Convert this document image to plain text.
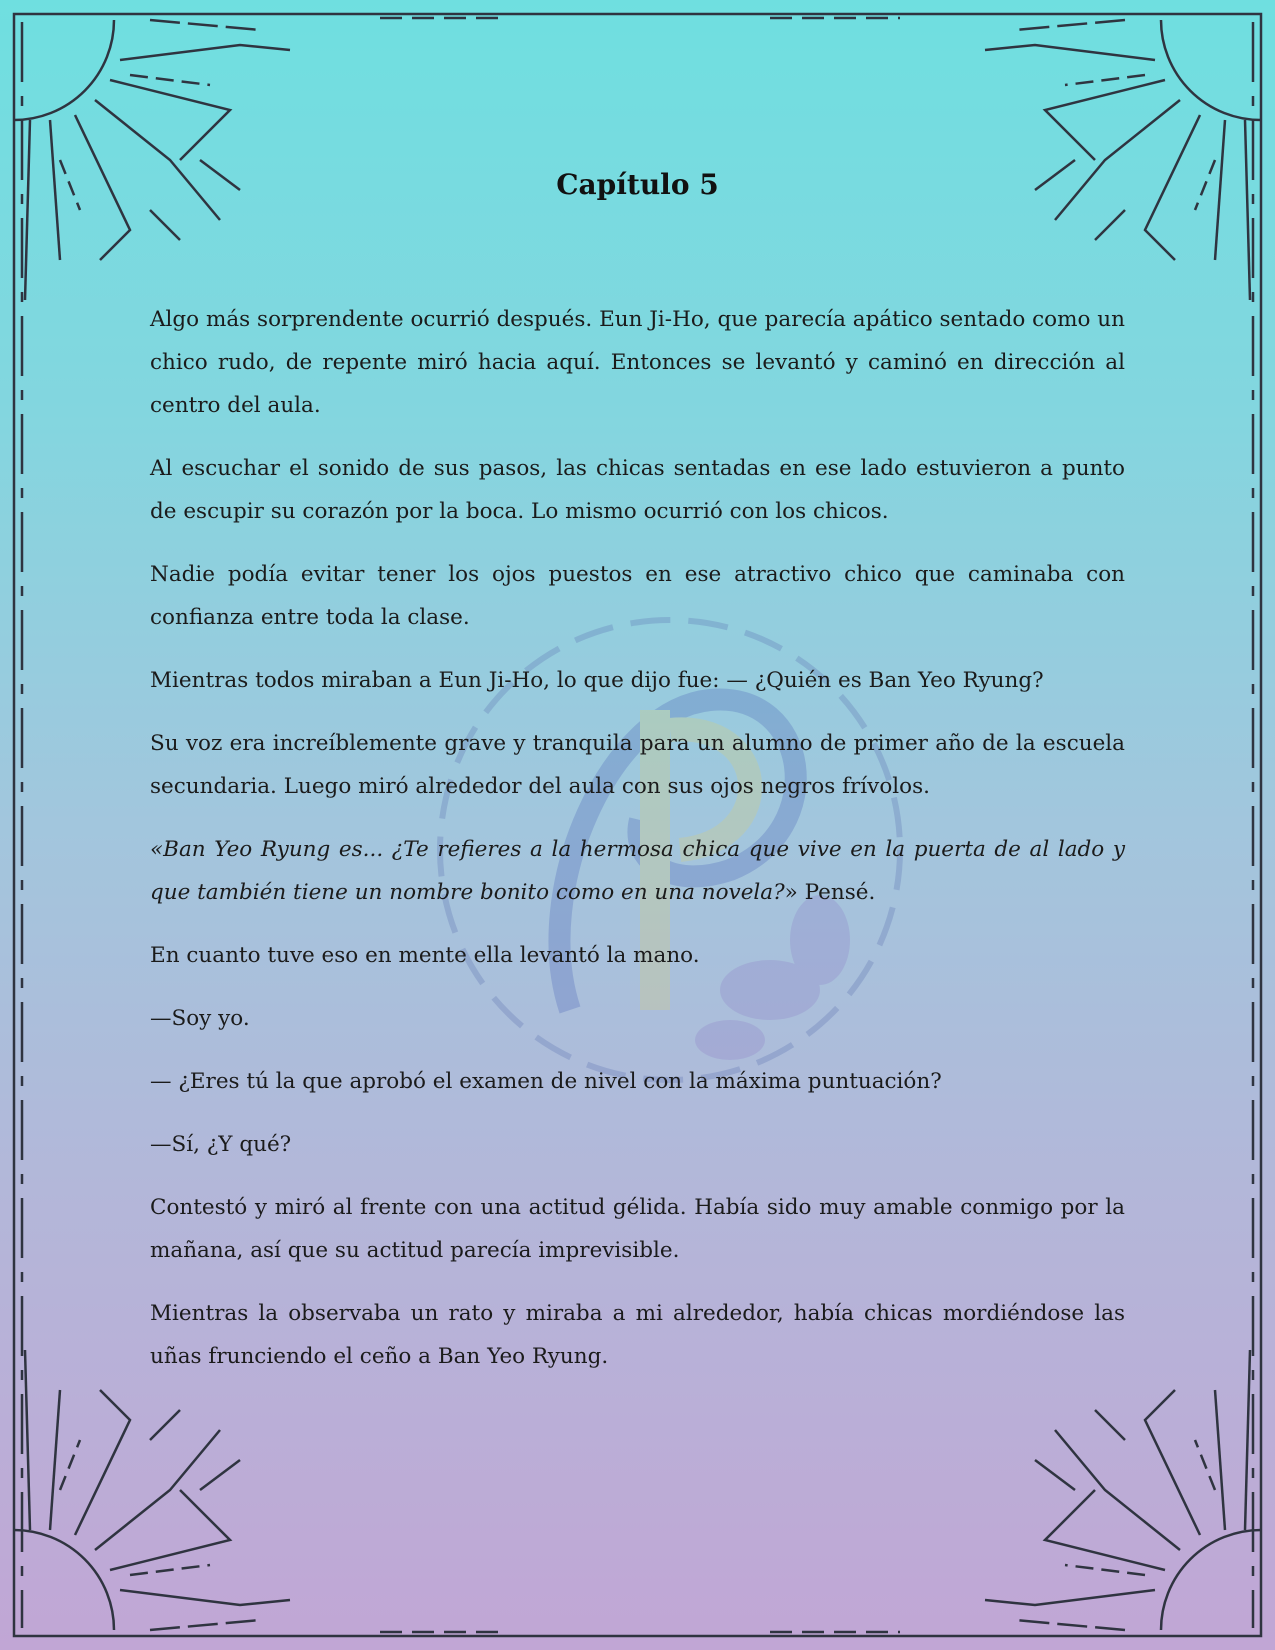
Capítulo 5

Algo más sorprendente ocurrió después. Eun Ji-Ho, que parecía apático sentado como un chico rudo, de repente miró hacia aquí. Entonces se levantó y caminó en dirección al centro del aula.

Al escuchar el sonido de sus pasos, las chicas sentadas en ese lado estuvieron a punto de escupir su corazón por la boca. Lo mismo ocurrió con los chicos.

Nadie podía evitar tener los ojos puestos en ese atractivo chico que caminaba con confianza entre toda la clase.

Mientras todos miraban a Eun Ji-Ho, lo que dijo fue: — ¿Quién es Ban Yeo Ryung?

Su voz era increíblemente grave y tranquila para un alumno de primer año de la escuela secundaria. Luego miró alrededor del aula con sus ojos negros frívolos.

«Ban Yeo Ryung es... ¿Te refieres a la hermosa chica que vive en la puerta de al lado y que también tiene un nombre bonito como en una novela?» Pensé.

En cuanto tuve eso en mente ella levantó la mano.

—Soy yo.

— ¿Eres tú la que aprobó el examen de nivel con la máxima puntuación?

—Sí, ¿Y qué?

Contestó y miró al frente con una actitud gélida. Había sido muy amable conmigo por la mañana, así que su actitud parecía imprevisible.

Mientras la observaba un rato y miraba a mi alrededor, había chicas mordiéndose las uñas frunciendo el ceño a Ban Yeo Ryung.
